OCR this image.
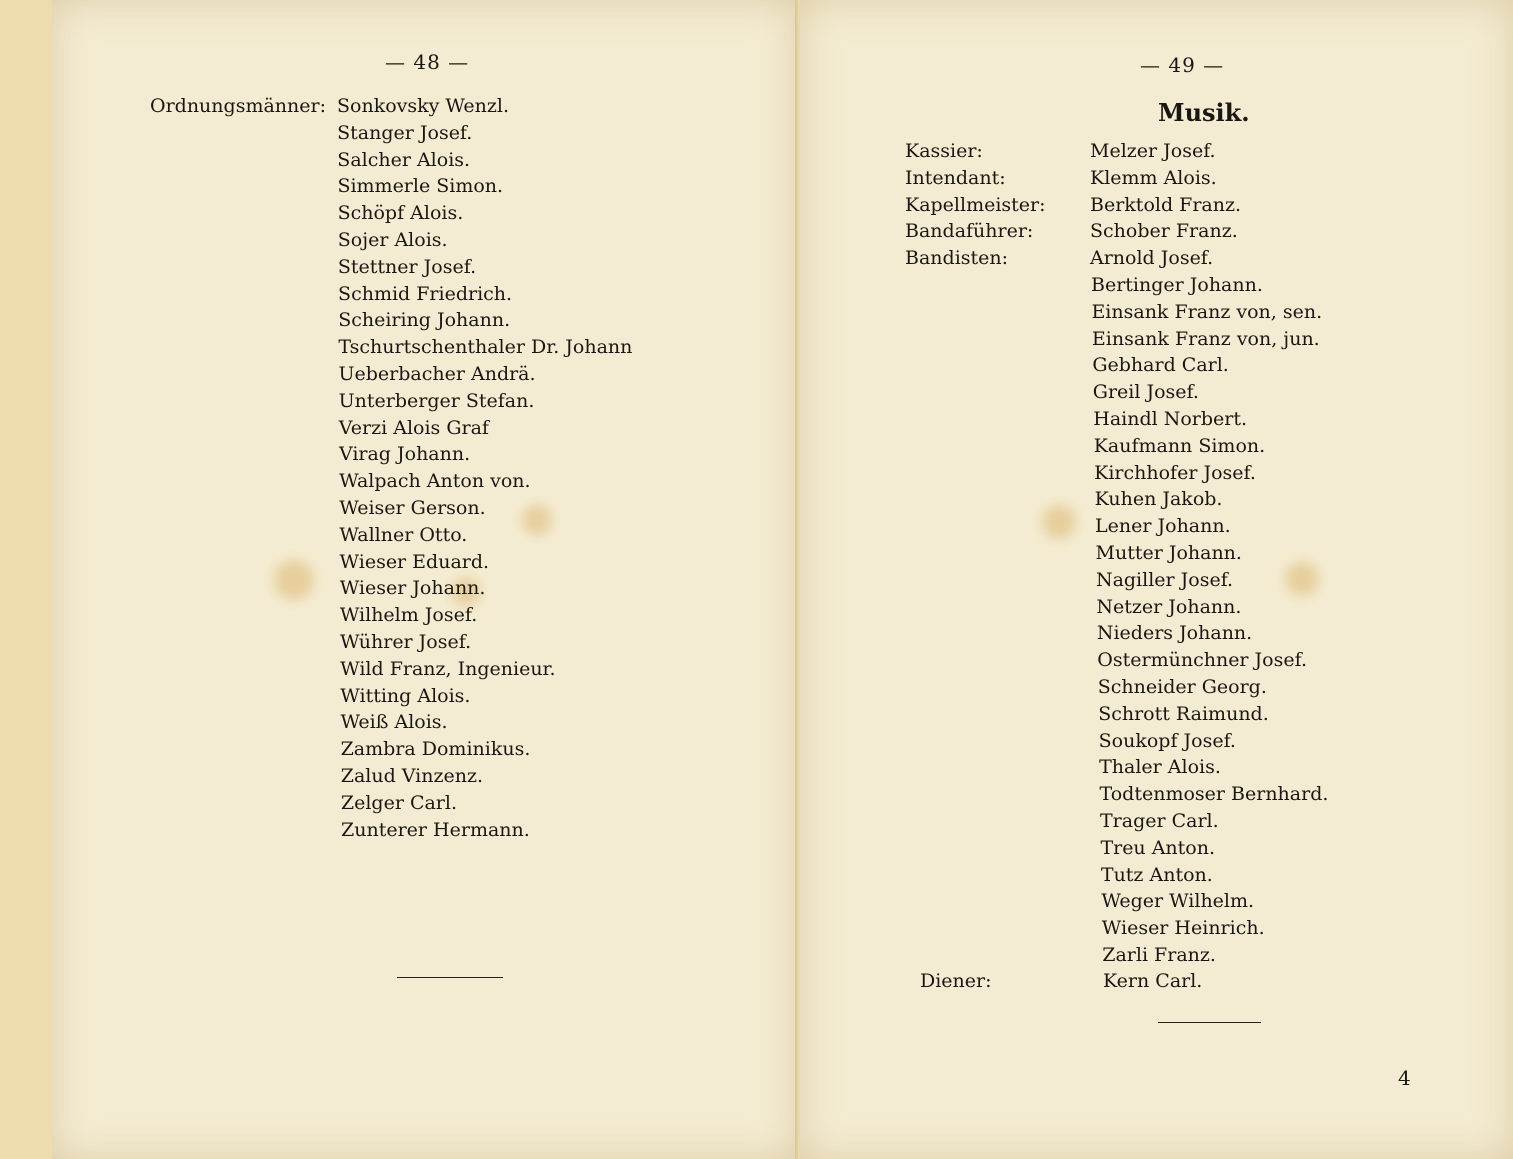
— 48 —
Ordnungsmänner: Sonkovsky Wenzl.
Stanger Josef.
Salcher Alois.
Simmerle Simon.
Schöpf Alois.
Sojer Alois.
Stettner Josef.
Schmid Friedrich.
Scheiring Johann.
Tschurtschenthaler Dr. Johann
Ueberbacher Andrä.
Unterberger Stefan.
Verzi Alois Graf
Virag Johann.
Walpach Anton von.
Weiser Gerson.
Wallner Otto.
Wieser Eduard.
Wieser Johann.
Wilhelm Josef.
Wührer Josef.
Wild Franz, Ingenieur.
Witting Alois.
Weiß Alois.
Zambra Dominikus.
Zalud Vinzenz.
Zelger Carl.
Zunterer Hermann.
— 49 —
Musik.
Kassier:	Melzer Josef.
Intendant:	Klemm Alois.
Kapellmeister: Berktold Franz.
Bandaführer:	Schober Franz.
Bandisten:	Arnold Josef.
Bertinger Johann.
Einsank Franz von, sen.
Einsank Franz von, jun.
Gebhard Carl.
Greil Josef.
Haindl Norbert.
Kaufmann Simon.
Kirchhofer Josef.
Kuhen Jakob.
Lener Johann.
Mutter Johann.
Nagiller Josef.
Netzer Johann.
Nieders Johann.
Ostermünchner Josef.
Schneider Georg.
Schrott Raimund.
Soukopf Josef.
Thaler Alois.
Todtenmoser Bernhard.
Trager Carl.
Treu Anton.
Tutz Anton.
Weger Wilhelm.
Wieser Heinrich.
Zarli Franz.
Diener:	Kern Carl.
4
